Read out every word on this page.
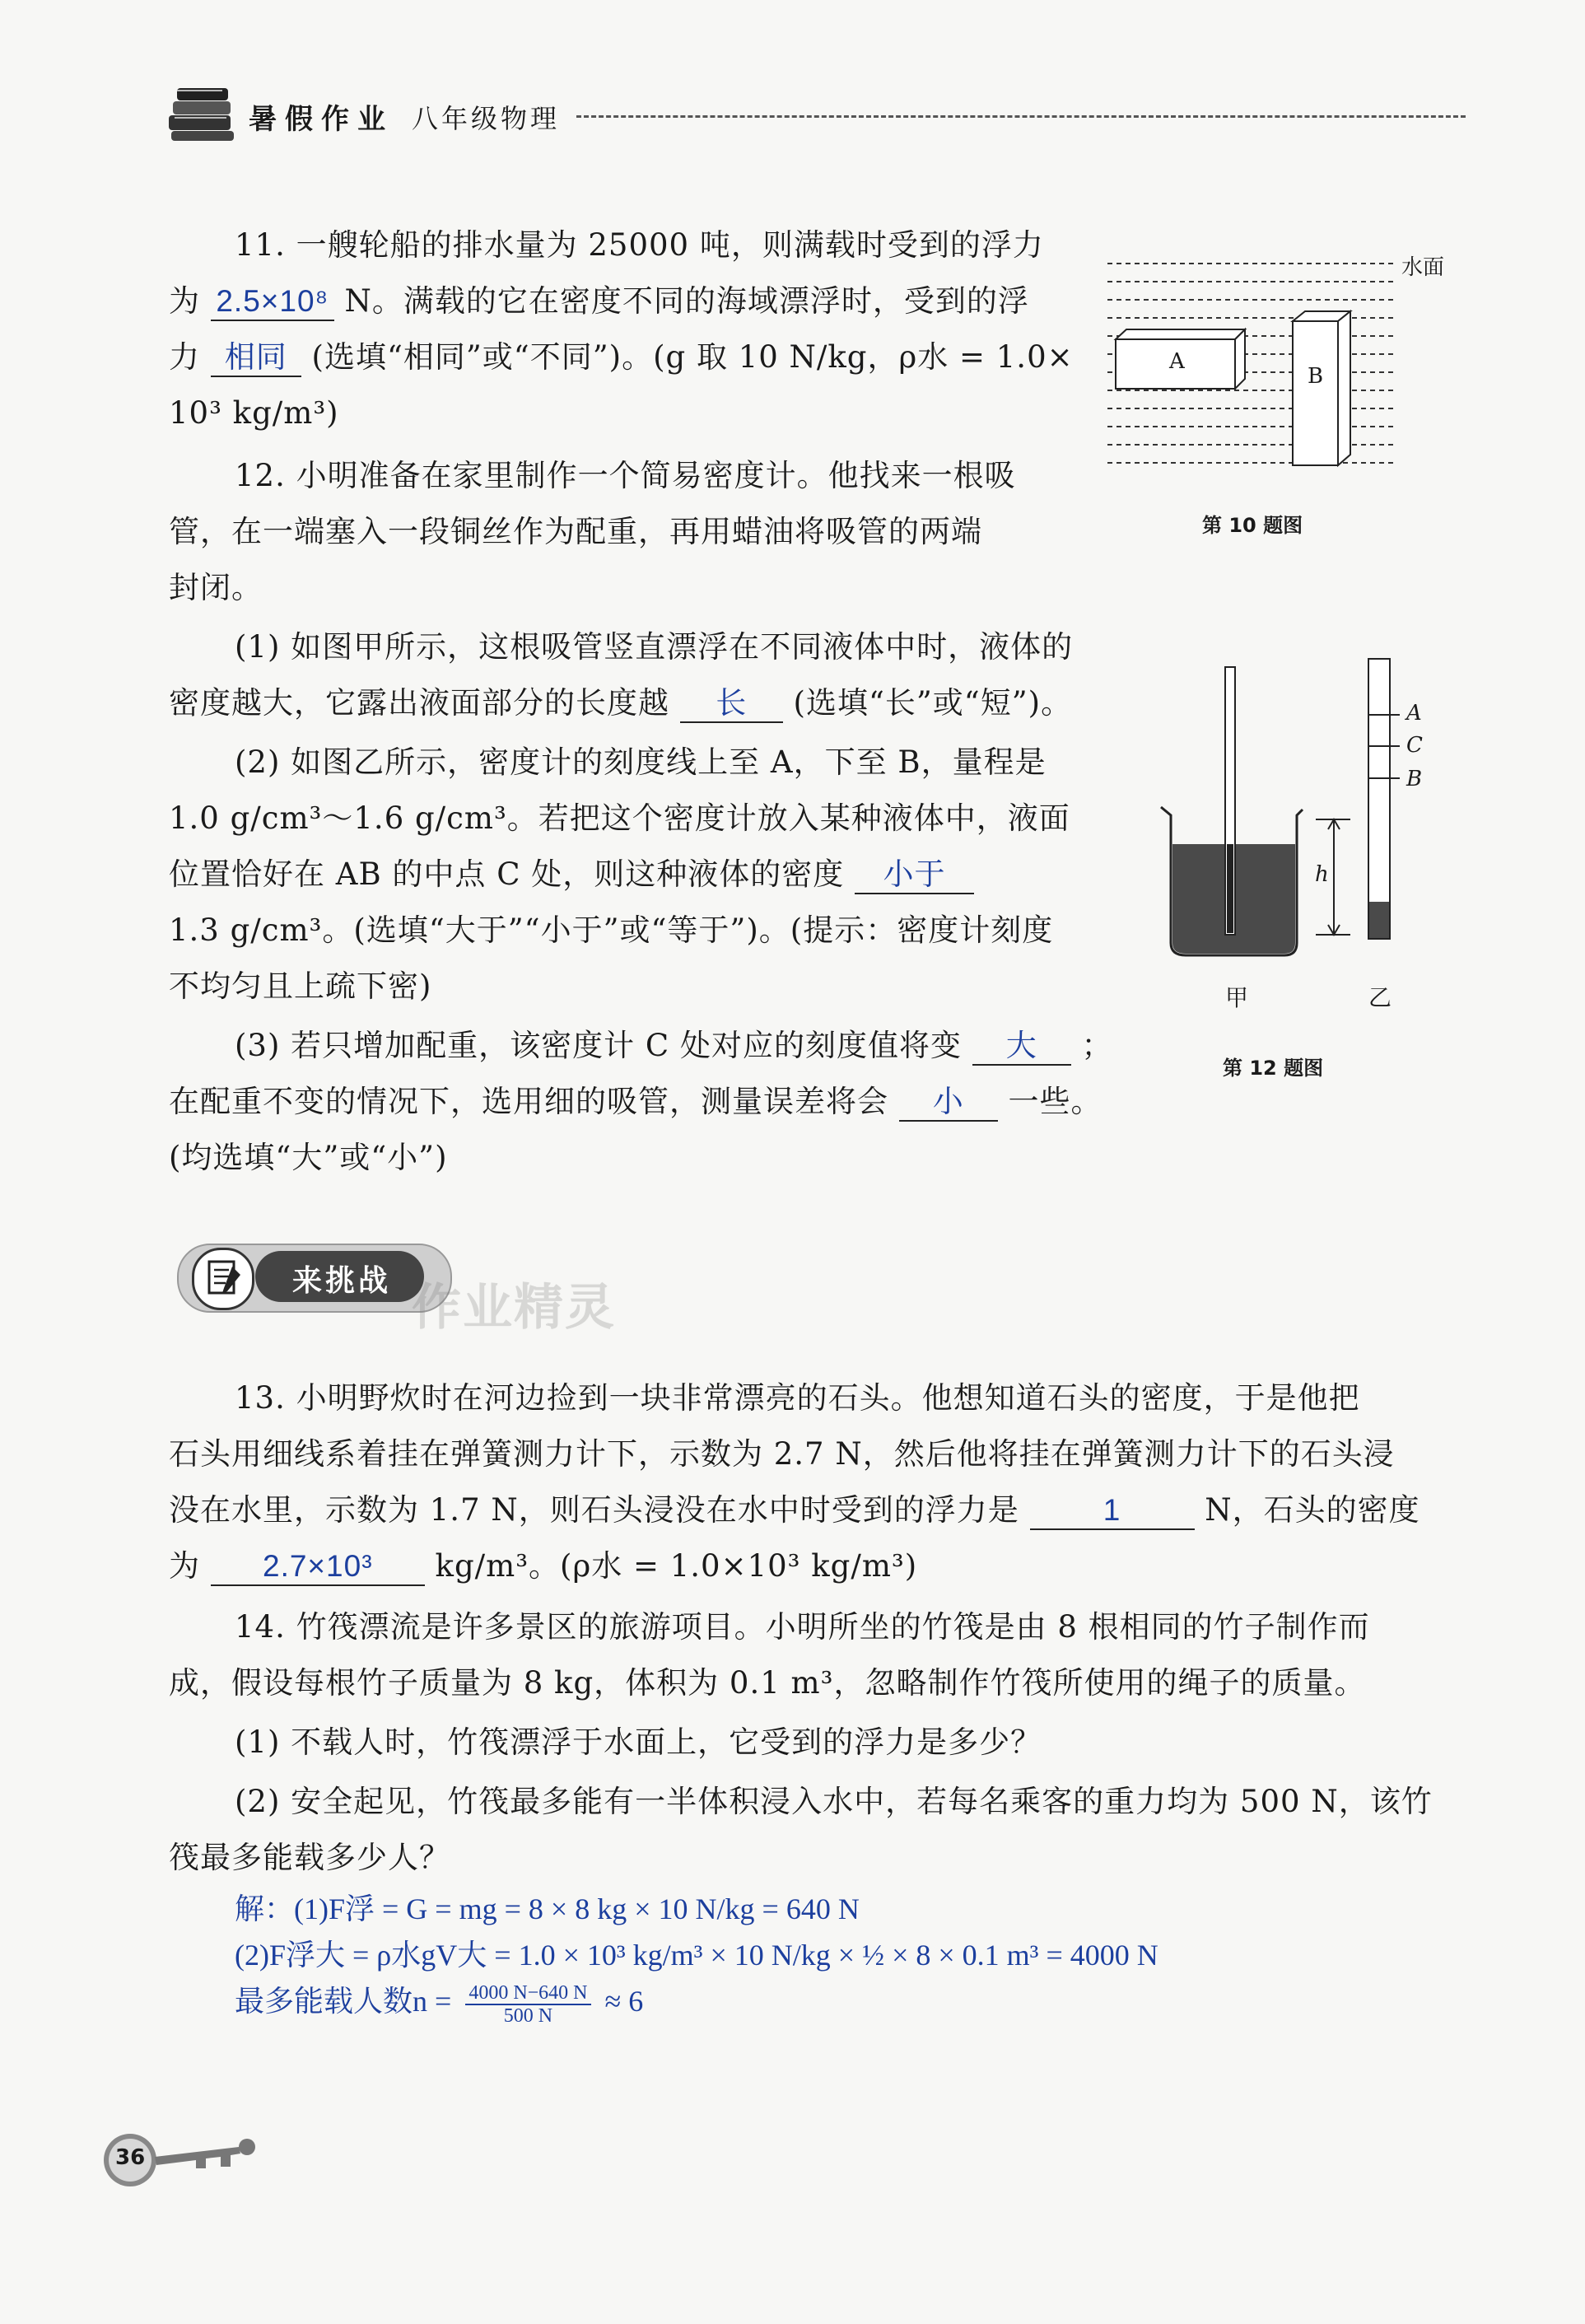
暑假作业 八年级物理
11. 一艘轮船的排水量为 25000 吨，则满载时受到的浮力
为 2.5×10⁸ N。满载的它在密度不同的海域漂浮时，受到的浮
力 相同 (选填“相同”或“不同”)。(g 取 10 N/kg，ρ水 = 1.0×
10³ kg/m³)
水面
A
B
第 10 题图
12. 小明准备在家里制作一个简易密度计。他找来一根吸
管，在一端塞入一段铜丝作为配重，再用蜡油将吸管的两端
封闭。
(1) 如图甲所示，这根吸管竖直漂浮在不同液体中时，液体的
密度越大，它露出液面部分的长度越 长 (选填“长”或“短”)。
(2) 如图乙所示，密度计的刻度线上至 A，下至 B，量程是
1.0 g/cm³～1.6 g/cm³。若把这个密度计放入某种液体中，液面
位置恰好在 AB 的中点 C 处，则这种液体的密度 小于
1.3 g/cm³。(选填“大于”“小于”或“等于”)。(提示：密度计刻度
不均匀且上疏下密)
(3) 若只增加配重，该密度计 C 处对应的刻度值将变 大 ；
在配重不变的情况下，选用细的吸管，测量误差将会 小 一些。
(均选填“大”或“小”)
A
C
B
h
甲	乙
第 12 题图
来挑战 作业精灵
13. 小明野炊时在河边捡到一块非常漂亮的石头。他想知道石头的密度，于是他把
石头用细线系着挂在弹簧测力计下，示数为 2.7 N，然后他将挂在弹簧测力计下的石头浸
没在水里，示数为 1.7 N，则石头浸没在水中时受到的浮力是	1	N，石头的密度
为 2.7×10³ kg/m³。(ρ水 = 1.0×10³ kg/m³)
14. 竹筏漂流是许多景区的旅游项目。小明所坐的竹筏是由 8 根相同的竹子制作而
成，假设每根竹子质量为 8 kg，体积为 0.1 m³，忽略制作竹筏所使用的绳子的质量。
(1) 不载人时，竹筏漂浮于水面上，它受到的浮力是多少？
(2) 安全起见，竹筏最多能有一半体积浸入水中，若每名乘客的重力均为 500 N，该竹
筏最多能载多少人？
解：(1)F浮 = G = mg = 8 × 8 kg × 10 N/kg = 640 N
(2)F浮大 = ρ水gV大 = 1.0 × 10³ kg/m³ × 10 N/kg × ½ × 8 × 0.1 m³ = 4000 N
最多能载人数$n = \frac{4000 N-640 N}{500 N} \approx 6$
36
